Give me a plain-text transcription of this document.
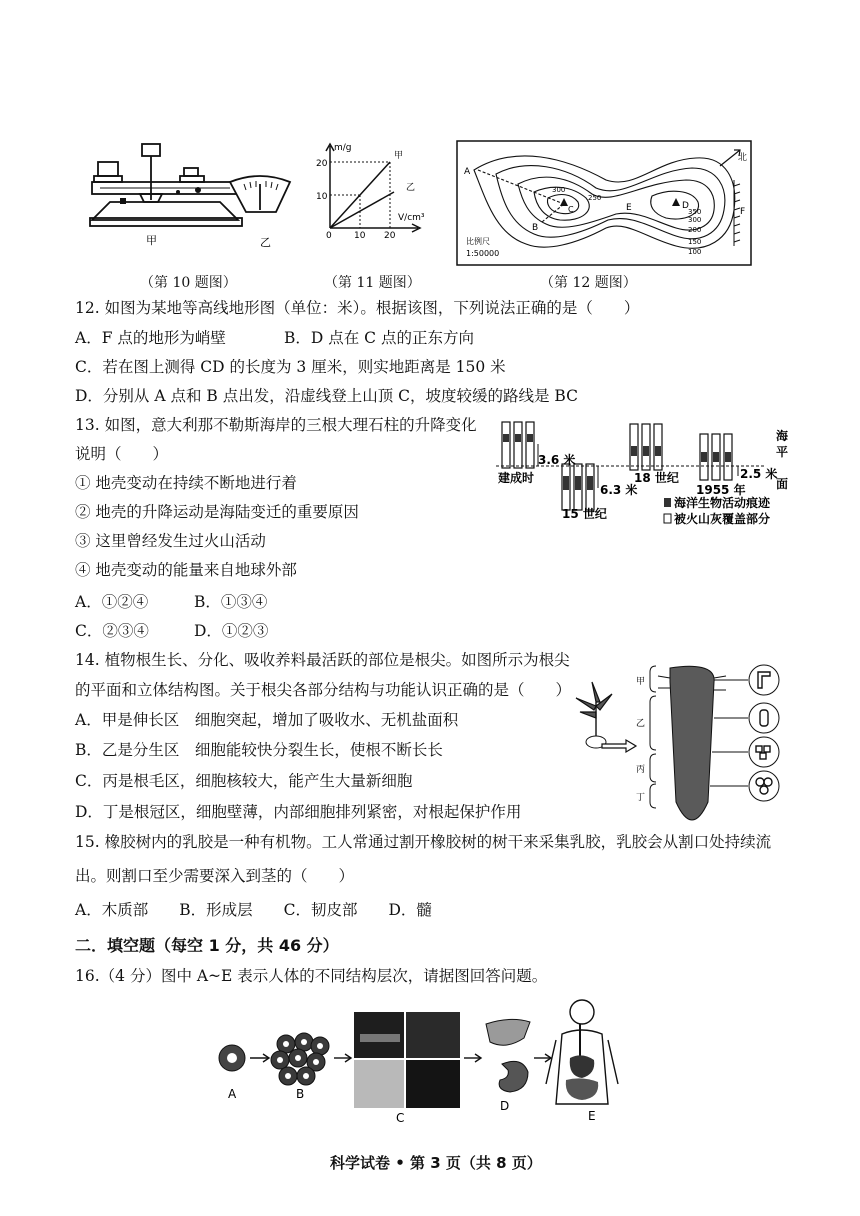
甲	乙
（第 10 题图）
m/g
V/cm³
20
10
0 10 20
甲
乙
（第 11 题图）
北
A
B
C	D
E	F
300
250
350
300
200
150
100
比例尺
1:50000
（第 12 题图）
12. 如图为某地等高线地形图（单位：米）。根据该图，下列说法正确的是（　　）
A．F 点的地形为峭壁	B．D 点在 C 点的正东方向
C．若在图上测得 CD 的长度为 3 厘米，则实地距离是 150 米
D．分别从 A 点和 B 点出发，沿虚线登上山顶 C，坡度较缓的路线是 BC
13. 如图，意大利那不勒斯海岸的三根大理石柱的升降变化
说明（　　）
① 地壳变动在持续不断地进行着
② 地壳的升降运动是海陆变迁的重要原因
③ 这里曾经发生过火山活动
④ 地壳变动的能量来自地球外部
A．①②④	B．①③④
C．②③④	D．①②③
建成时
15 世纪
18 世纪
1955 年
3.6 米
6.3 米
2.5 米
海
平
面
海洋生物活动痕迹
被火山灰覆盖部分
14. 植物根生长、分化、吸收养料最活跃的部位是根尖。如图所示为根尖
的平面和立体结构图。关于根尖各部分结构与功能认识正确的是（　　）
A．甲是伸长区　细胞突起，增加了吸收水、无机盐面积
B．乙是分生区　细胞能较快分裂生长，使根不断长长
C．丙是根毛区，细胞核较大，能产生大量新细胞
D．丁是根冠区，细胞壁薄，内部细胞排列紧密，对根起保护作用
甲
乙
丙
丁
15. 橡胶树内的乳胶是一种有机物。工人常通过割开橡胶树的树干来采集乳胶，乳胶会从割口处持续流
出。则割口至少需要深入到茎的（　　）
A．木质部　　B．形成层　　C．韧皮部　　D．髓
二．填空题（每空 1 分，共 46 分）
16.（4 分）图中 A~E 表示人体的不同结构层次，请据图回答问题。
A	B
C
D
E
科学试卷 • 第 3 页（共 8 页）
